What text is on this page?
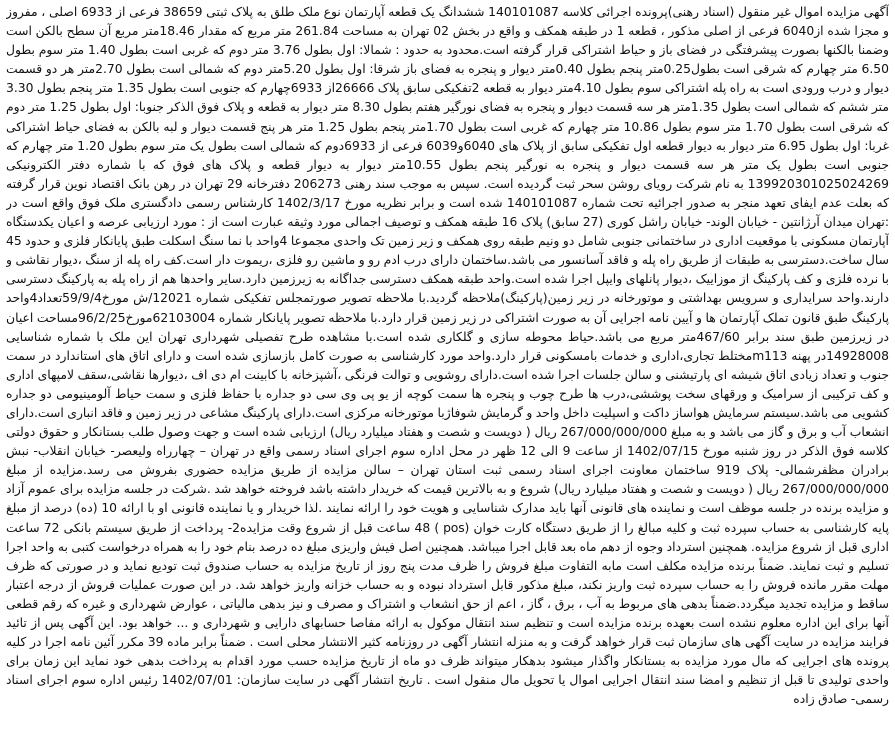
آگهی مزایده اموال غیر منقول (اسناد رهنی)پرونده اجرائی کلاسه 140101087 ششدانگ یک قطعه آپارتمان نوع ملک طلق به پلاک ثبتی 38659 فرعی از 6933 اصلی ، مفروز و مجزا شده از6040 فرعی از اصلی مذکور ، قطعه 1 در طبقه همکف و واقع در بخش 02 تهران به مساحت 261.84 متر مربع که مقدار 18.46متر مربع آن سطح بالکن است وضمنا بالکنها بصورت پیشرفتگی در فضای باز و حیاط اشتراکی قرار گرفته است.محدود به حدود : شمالا: اول بطول 3.76 متر دوم که غربی است بطول 1.40 متر سوم بطول 6.50 متر چهارم که شرقی است بطول0.25متر پنجم بطول 0.40متر دیوار و پنجره به فضای باز شرقا: اول بطول 5.20متر دوم که شمالی است بطول 2.70متر هر دو قسمت دیوار و درب ورودی است به راه پله اشتراکی سوم بطول 4.10متر دیوار به قطعه 2تفکیکی سابق پلاک 26666از 6933چهارم که جنوبی است بطول 1.35 متر پنجم بطول 3.30 متر ششم که شمالی است بطول 1.35متر هر سه قسمت دیوار و پنجره به فضای نورگیر هفتم بطول 8.30 متر دیوار به قطعه و پلاک فوق الذکر جنوبا: اول بطول 1.25 متر دوم که شرقی است بطول 1.70 متر سوم بطول 10.86 متر چهارم که غربی است بطول 1.70متر پنجم بطول 1.25 متر هر پنج قسمت دیوار و لبه بالکن به فضای حیاط اشتراکی غربا: اول بطول 6.95 متر دیوار به دیوار قطعه اول تفکیکی سابق از پلاک های 6040و6039 فرعی از 6933دوم که شمالی است بطول یک متر سوم بطول 1.20 متر چهارم که جنوبی است بطول یک متر هر سه قسمت دیوار و پنجره به نورگیر پنجم بطول 10.55متر دیوار به دیوار قطعه و پلاک های فوق که با شماره دفتر الکترونیکی 139920301025024269 به نام شرکت رویای روشن سحر ثبت گردیده است. سپس به موجب سند رهنی 206273 دفترخانه 29 تهران در رهن بانک اقتصاد نوین قرار گرفته که بعلت عدم ایفای تعهد منجر به صدور اجرائیه تحت شماره 140101087 شده است و برابر نظریه مورخ 1402/3/17 کارشناس رسمی دادگستری ملک فوق واقع است در :تهران میدان آرژانتین - خیابان الوند- خیابان راشل کوری (27 سابق) پلاک 16 طبقه همکف و توصیف اجمالی مورد وثیقه عبارت است از : مورد ارزیابی عرصه و اعیان یکدستگاه آپارتمان مسکونی با موقعیت اداری در ساختمانی جنوبی شامل دو ونیم طبقه روی همکف و زیر زمین تک واحدی مجموعا 4واحد با نما سنگ اسکلت طبق پایانکار فلزی و حدود 45 سال ساخت.دسترسی به طبقات از طریق راه پله و فاقد آسانسور می باشد.ساختمان دارای درب ادم رو و ماشین رو فلزی ،ریموت دار است.کف راه پله از سنگ ،دیوار نقاشی و با نرده فلزی و کف پارکینگ از موزاییک ،دیوار پانلهای وایپل اجرا شده است.واحد طبقه همکف دسترسی جداگانه به زیرزمین دارد.سایر واحدها هم از راه پله به پارکینگ دسترسی دارند.واحد سرایداری و سرویس بهداشتی و موتورخانه در زیر زمین(پارکینگ)ملاحظه گردید.با ملاحظه تصویر صورتمجلس تفکیکی شماره 12021/ش مورخ59/9/4تعداد4واحد پارکینگ طبق قانون تملک آپارتمان ها و آیین نامه اجرایی آن به صورت اشتراکی در زیر زمین قرار دارد.با ملاحظه تصویر پایانکار شماره 62103004مورخ96/2/25مساحت اعیان در زیرزمین طبق سند برابر 467/60متر مربع می باشد.حیاط محوطه سازی و گلکاری شده است.با مشاهده طرح تفصیلی شهرداری تهران این ملک با شماره شناسایی 14928008در پهنه m113مختلط تجاری،اداری و خدمات بامسکونی قرار دارد.واحد مورد کارشناسی به صورت کامل بازسازی شده است و دارای اتاق های استاندارد در سمت جنوب و تعداد زیادی اتاق شیشه ای پارتیشنی و سالن جلسات اجرا شده است.دارای روشویی و توالت فرنگی ،آشپزخانه با کابینت ام دی اف ،دیوارها نقاشی،سقف لامپهای اداری و کف ترکیبی از سرامیک و ورقهای سخت پوششی،درب ها طرح چوب و پنجره ها سمت کوچه از یو پی وی سی دو جداره با حفاظ فلزی و سمت حیاط آلومینیومی دو جداره کشویی می باشد.سیستم سرمایش هواساز داکت و اسپلیت داخل واحد و گرمایش شوفاژبا موتورخانه مرکزی است.دارای پارکینگ مشاعی در زیر زمین و فاقد انباری است.دارای انشعاب آب و برق و گاز می باشد و به مبلغ 267/000/000/000 ریال ( دویست و شصت و هفتاد میلیارد ریال) ارزیابی شده است و جهت وصول طلب بستانکار و حقوق دولتی کلاسه فوق الذکر در روز شنبه مورخ 1402/07/15 از ساعت 9 الی 12 ظهر در محل اداره سوم اجرای اسناد رسمی واقع در تهران – چهارراه ولیعصر- خیابان انقلاب- نبش برادران مظفرشمالی- پلاک 919 ساختمان معاونت اجرای اسناد رسمی ثبت استان تهران – سالن مزایده از طریق مزایده حضوری بفروش می رسد.مزایده از مبلغ 267/000/000/000 ریال ( دویست و شصت و هفتاد میلیارد ریال) شروع و به بالاترین قیمت که خریدار داشته باشد فروخته خواهد شد .شرکت در جلسه مزایده برای عموم آزاد و مزایده برنده در جلسه موظف است و نماینده های قانونی آنها باید مدارک شناسایی و هویت خود را ارائه نمایند .لذا خریدار و یا نماینده قانونی او با ارائه 10 (ده) درصد از مبلغ پایه کارشناسی به حساب سپرده ثبت و کلیه مبالغ را از طریق دستگاه کارت خوان (pos ) 48 ساعت قبل از شروع وقت مزایده2- پرداخت از طریق سیستم بانکی 72 ساعت اداری قبل از شروع مزایده. همچنین استرداد وجوه از دهم ماه بعد قابل اجرا میباشد. همچنین اصل فیش واریزی مبلغ ده درصد بنام خود را به همراه درخواست کتبی به واحد اجرا تسلیم و ثبت نمایند. ضمناً برنده مزایده مکلف است مابه التفاوت مبلغ فروش را ظرف مدت پنج روز از تاریخ مزایده به حساب صندوق ثبت تودیع نماید و در صورتی که ظرف مهلت مقرر مانده فروش را به حساب سپرده ثبت واریز نکند، مبلغ مذکور قابل استرداد نبوده و به حساب خزانه واریز خواهد شد. در این صورت عملیات فروش از درجه اعتبار ساقط و مزایده تجدید میگردد.ضمناً بدهی های مربوط به آب ، برق ، گاز ، اعم از حق انشعاب و اشتراک و مصرف و نیز بدهی مالیاتی ، عوارض شهرداری و غیره که رقم قطعی آنها برای این اداره معلوم نشده است بعهده برنده مزایده است و تنظیم سند انتقال موکول به ارائه مفاصا حسابهای دارایی و شهرداری و ... خواهد بود. این آگهی پس از تائید فرایند مزایده در سایت آگهی های سازمان ثبت قرار خواهد گرفت و به منزله انتشار آگهی در روزنامه کثیر الانتشار محلی است . ضمناً برابر ماده 39 مکرر آئین نامه اجرا در کلیه پرونده های اجرایی که مال مورد مزایده به بستانکار واگذار میشود بدهکار میتواند ظرف دو ماه از تاریخ مزایده حسب مورد اقدام به پرداخت بدهی خود نماید این زمان برای واحدی تولیدی تا قبل از تنظیم و امضا سند انتقال اجرایی اموال یا تحویل مال منقول است . تاریخ انتشار آگهی در سایت سازمان: 1402/07/01 رئیس اداره سوم اجرای اسناد رسمی- صادق زاده
